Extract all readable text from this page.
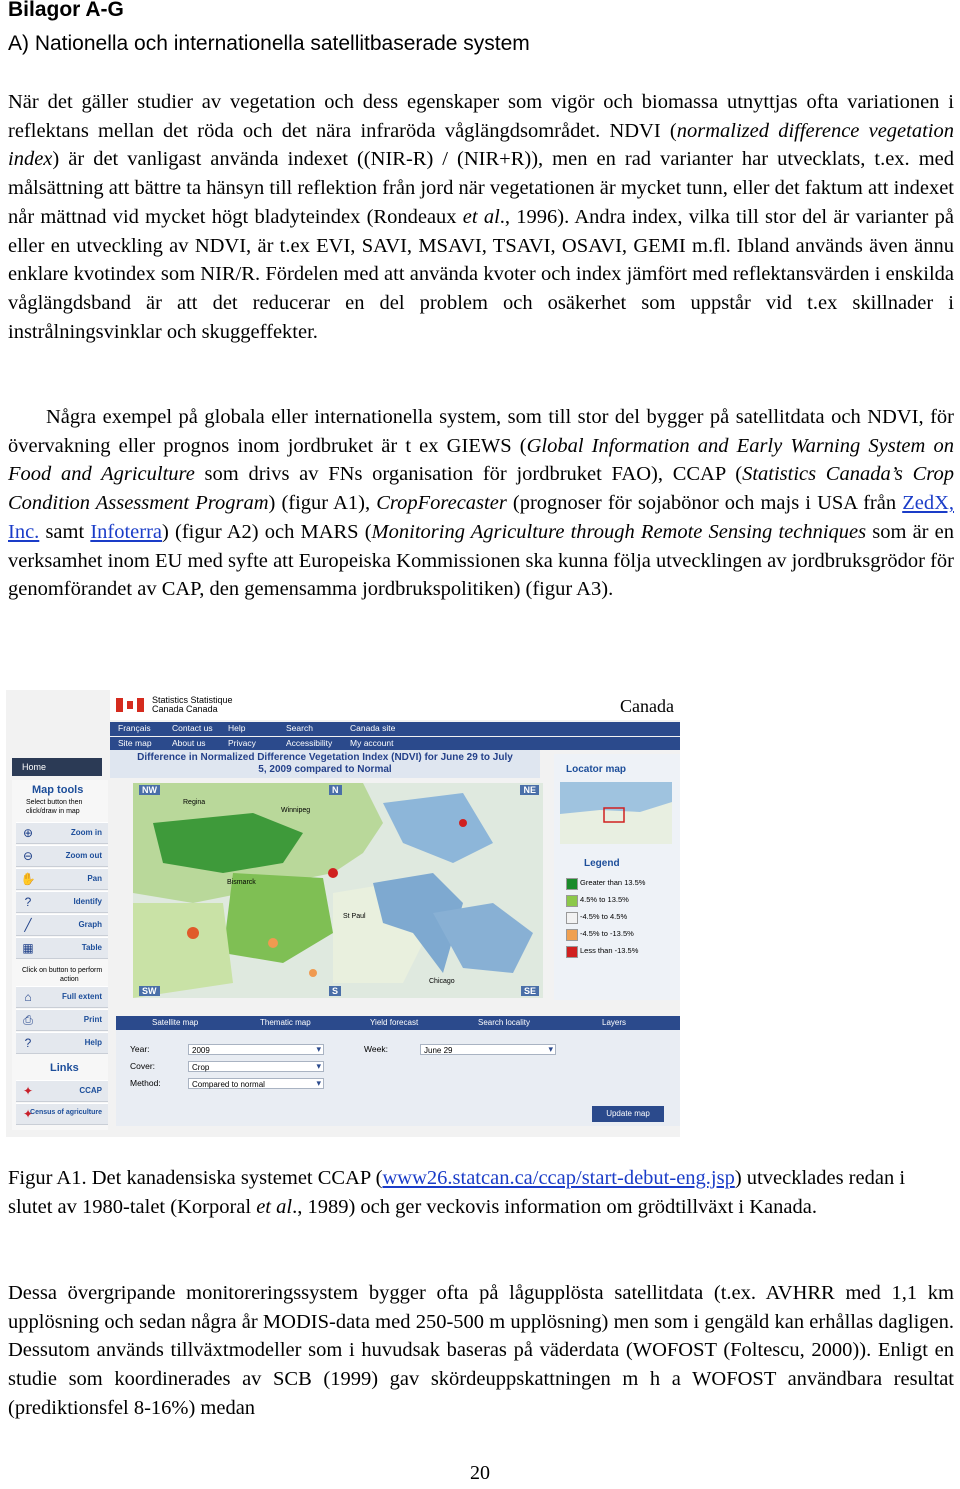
Bilagor A-G
A) Nationella och internationella satellitbaserade system

När det gäller studier av vegetation och dess egenskaper som vigör och biomassa utnyttjas ofta variationen i reflektans mellan det röda och det nära infraröda våglängdsområdet. NDVI (normalized difference vegetation index) är det vanligast använda indexet ((NIR-R) / (NIR+R)), men en rad varianter har utvecklats, t.ex. med målsättning att bättre ta hänsyn till reflektion från jord när vegetationen är mycket tunn, eller det faktum att indexet når mättnad vid mycket högt bladyteindex (Rondeaux et al., 1996). Andra index, vilka till stor del är varianter på eller en utveckling av NDVI, är t.ex EVI, SAVI, MSAVI, TSAVI, OSAVI, GEMI m.fl. Ibland används även ännu enklare kvotindex som NIR/R. Fördelen med att använda kvoter och index jämfört med reflektansvärden i enskilda våglängdsband är att det reducerar en del problem och osäkerhet som uppstår vid t.ex skillnader i instrålningsvinklar och skuggeffekter.

Några exempel på globala eller internationella system, som till stor del bygger på satellitdata och NDVI, för övervakning eller prognos inom jordbruket är t ex GIEWS (Global Information and Early Warning System on Food and Agriculture som drivs av FNs organisation för jordbruket FAO), CCAP (Statistics Canada’s Crop Condition Assessment Program) (figur A1), CropForecaster (prognoser för sojabönor och majs i USA från ZedX, Inc. samt Infoterra) (figur A2) och MARS (Monitoring Agriculture through Remote Sensing techniques som är en verksamhet inom EU med syfte att Europeiska Kommissionen ska kunna följa utvecklingen av jordbruksgrödor för genomförandet av CAP, den gemensamma jordbrukspolitiken) (figur A3).

Statistics Statistique
Canada Canada	Canada
Français	Contact us Help	Search	Canada site
Site map About us	Privacy	Accessibility My account
Difference in Normalized Difference Vegetation Index (NDVI) for June 29 to July
5, 2009 compared to Normal
Home
Map tools
Select button then
click/draw in map
⊕	Zoom in
⊖	Zoom out
✋	Pan
?	Identify
╱	Graph
▦	Table
Click on button to perform
action
⌂	Full extent
⎙	Print
?	Help
Links
✦	CCAP
✦
Census of agriculture
NW	N	NE
SW	S	SE
Regina
Winnipeg
Bismarck
St Paul
Chicago
Locator map
Legend
Greater than 13.5%
4.5% to 13.5%
-4.5% to 4.5%
-4.5% to -13.5%
Less than -13.5%
Satellite map	Thematic map	Yield forecast	Search locality	Layers
Year:	2009 ▾
Cover:	Crop ▾
Method:	Compared to normal ▾
Week:	June 29 ▾
Update map
Figur A1. Det kanadensiska systemet CCAP (www26.statcan.ca/ccap/start-debut-eng.jsp) utvecklades redan i slutet av 1980-talet (Korporal et al., 1989) och ger veckovis information om grödtillväxt i Kanada.

Dessa övergripande monitoreringssystem bygger ofta på lågupplösta satellitdata (t.ex. AVHRR med 1,1 km upplösning och sedan några år MODIS-data med 250-500 m upplösning) men som i gengäld kan erhållas dagligen. Dessutom används tillväxtmodeller som i huvudsak baseras på väderdata (WOFOST (Foltescu, 2000)). Enligt en studie som koordinerades av SCB (1999) gav skördeuppskattningen m h a WOFOST användbara resultat (prediktionsfel 8-16%) medan

20
